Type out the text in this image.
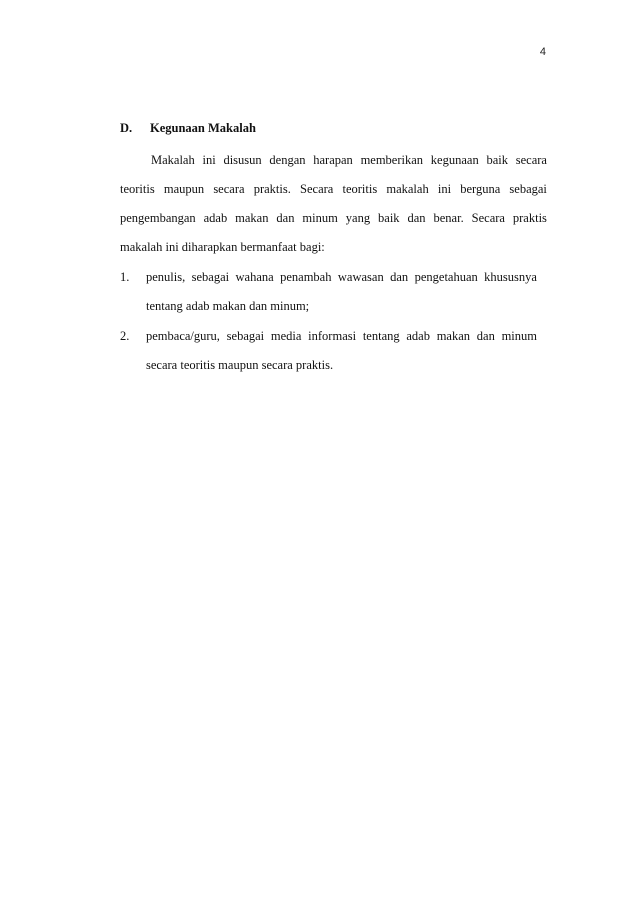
4
D.	Kegunaan Makalah
Makalah ini disusun dengan harapan memberikan kegunaan baik secara
teoritis maupun secara praktis. Secara teoritis makalah ini berguna sebagai
pengembangan adab makan dan minum yang baik dan benar. Secara praktis
makalah ini diharapkan bermanfaat bagi:
1. penulis, sebagai wahana penambah wawasan dan pengetahuan khususnya
tentang adab makan dan minum;
2. pembaca/guru, sebagai media informasi tentang adab makan dan minum
secara teoritis maupun secara praktis.
